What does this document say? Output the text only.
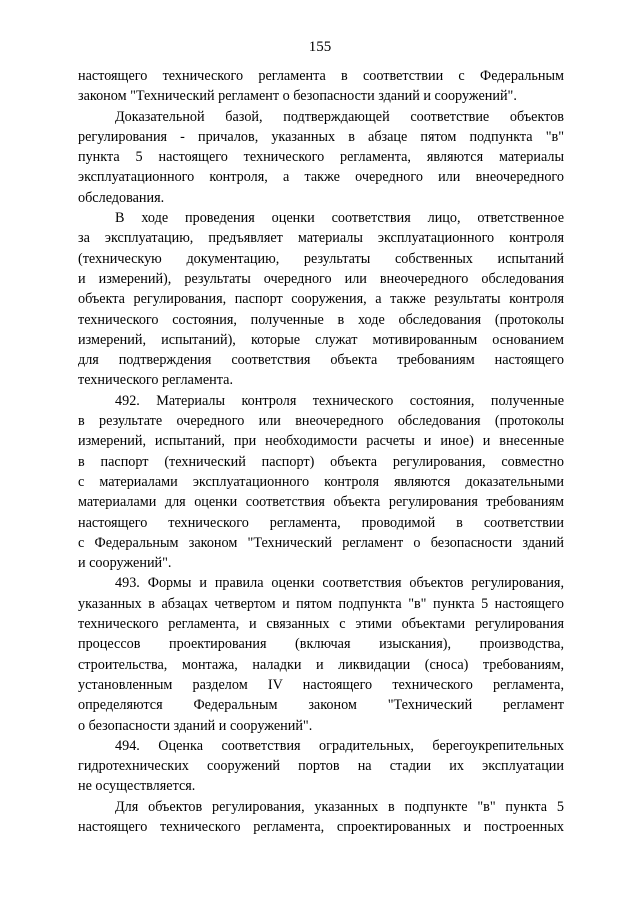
155

настоящего технического регламента в соответствии с Федеральным
законом "Технический регламент о безопасности зданий и сооружений".

Доказательной базой, подтверждающей соответствие объектов
регулирования - причалов, указанных в абзаце пятом подпункта "в"
пункта 5 настоящего технического регламента, являются материалы
эксплуатационного контроля, а также очередного или внеочередного
обследования.

В ходе проведения оценки соответствия лицо, ответственное
за эксплуатацию, предъявляет материалы эксплуатационного контроля
(техническую документацию, результаты собственных испытаний
и измерений), результаты очередного или внеочередного обследования
объекта регулирования, паспорт сооружения, а также результаты контроля
технического состояния, полученные в ходе обследования (протоколы
измерений, испытаний), которые служат мотивированным основанием
для подтверждения соответствия объекта требованиям настоящего
технического регламента.

492. Материалы контроля технического состояния, полученные
в результате очередного или внеочередного обследования (протоколы
измерений, испытаний, при необходимости расчеты и иное) и внесенные
в паспорт (технический паспорт) объекта регулирования, совместно
с материалами эксплуатационного контроля являются доказательными
материалами для оценки соответствия объекта регулирования требованиям
настоящего технического регламента, проводимой в соответствии
с Федеральным законом "Технический регламент о безопасности зданий
и сооружений".

493. Формы и правила оценки соответствия объектов регулирования,
указанных в абзацах четвертом и пятом подпункта "в" пункта 5 настоящего
технического регламента, и связанных с этими объектами регулирования
процессов проектирования (включая изыскания), производства,
строительства, монтажа, наладки и ликвидации (сноса) требованиям,
установленным разделом IV настоящего технического регламента,
определяются Федеральным законом "Технический регламент
о безопасности зданий и сооружений".

494. Оценка соответствия оградительных, берегоукрепительных
гидротехнических сооружений портов на стадии их эксплуатации
не осуществляется.

Для объектов регулирования, указанных в подпункте "в" пункта 5
настоящего технического регламента, спроектированных и построенных
